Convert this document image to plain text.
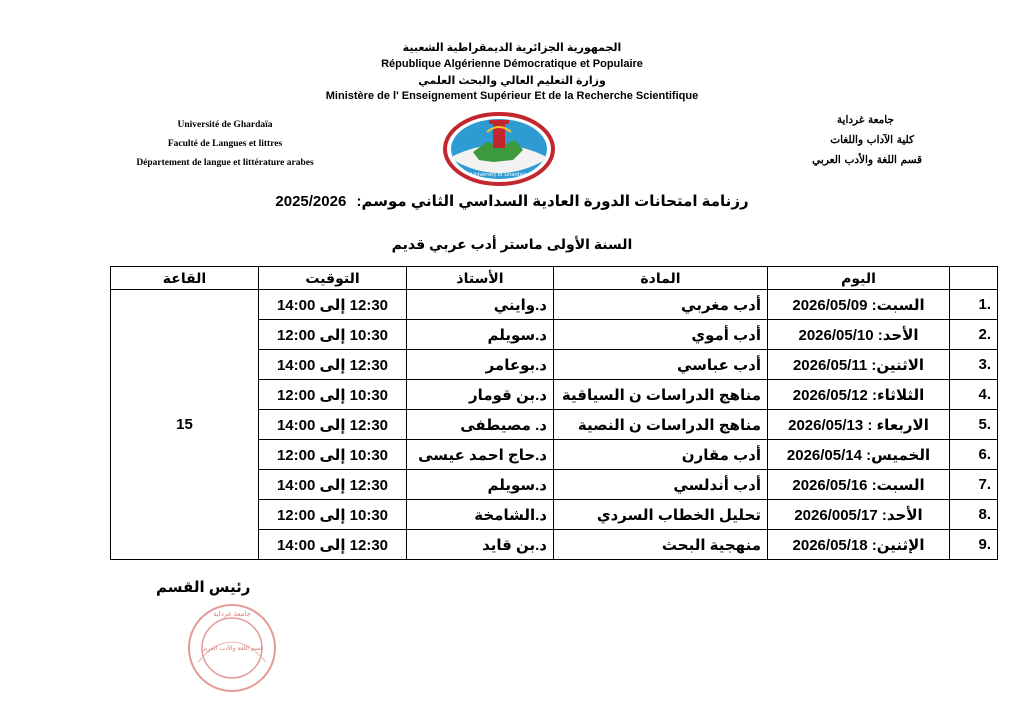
الجمهورية الجزائرية الديمقراطية الشعبية
République Algérienne Démocratique et Populaire
وزارة التعليم العالي والبحث العلمي
Ministère de l' Enseignement Supérieur Et de la Recherche Scientifique
Université de Ghardaïa
Faculté de Langues et littres
Département de langue et littérature arabes
جامعة غرداية
كلية الآداب واللغات
قسم اللغة والأدب العربي
University of Ghardaia
رزنامة امتحانات الدورة العادية السداسي الثاني موسم: 2025/2026
السنة الأولى ماستر أدب عربي قديم
	اليوم	المادة	الأستاذ	التوقيت	القاعة
.1	السبت: 2026/05/09	أدب مغربي	د.وايني	12:30 إلى 14:00	15
.2	الأحد: 2026/05/10	أدب أموي	د.سويلم	10:30 إلى 12:00	
.3	الاثنين: 2026/05/11	أدب عباسي	د.بوعامر	12:30 إلى 14:00	
.4	الثلاثاء: 2026/05/12	مناهج الدراسات ن السياقية	د.بن قومار	10:30 إلى 12:00	
.5	الاربعاء : 2026/05/13	مناهج الدراسات ن النصية	د. مصيطفى	12:30 إلى 14:00	
.6	الخميس: 2026/05/14	أدب مقارن	د.حاج احمد عيسى	10:30 إلى 12:00	
.7	السبت: 2026/05/16	أدب أندلسي	د.سويلم	12:30 إلى 14:00	
.8	الأحد: 2026/005/17	تحليل الخطاب السردي	د.الشامخة	10:30 إلى 12:00	
.9	الإثنين: 2026/05/18	منهجية البحث	د.بن قايد	12:30 إلى 14:00	
رئيس القسم
جامعة غرداية
قسم اللغة والأدب العربي
